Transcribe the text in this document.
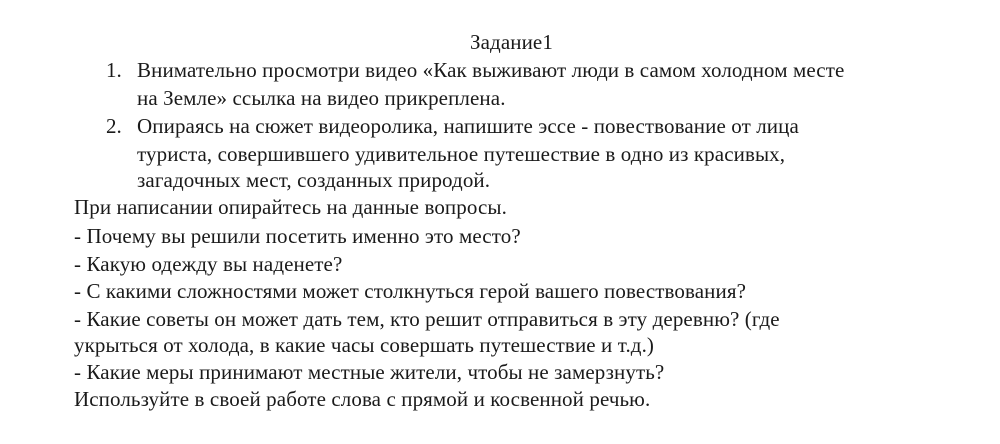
Задание1
1. Внимательно просмотри видео «Как выживают люди в самом холодном месте
на Земле» ссылка на видео прикреплена.
2. Опираясь на сюжет видеоролика, напишите эссе - повествование от лица
туриста, совершившего удивительное путешествие в одно из красивых,
загадочных мест, созданных природой.
При написании опирайтесь на данные вопросы.
- Почему вы решили посетить именно это место?
- Какую одежду вы наденете?
- С какими сложностями может столкнуться герой вашего повествования?
- Какие советы он может дать тем, кто решит отправиться в эту деревню? (где
укрыться от холода, в какие часы совершать путешествие и т.д.)
- Какие меры принимают местные жители, чтобы не замерзнуть?
Используйте в своей работе слова с прямой и косвенной речью.
